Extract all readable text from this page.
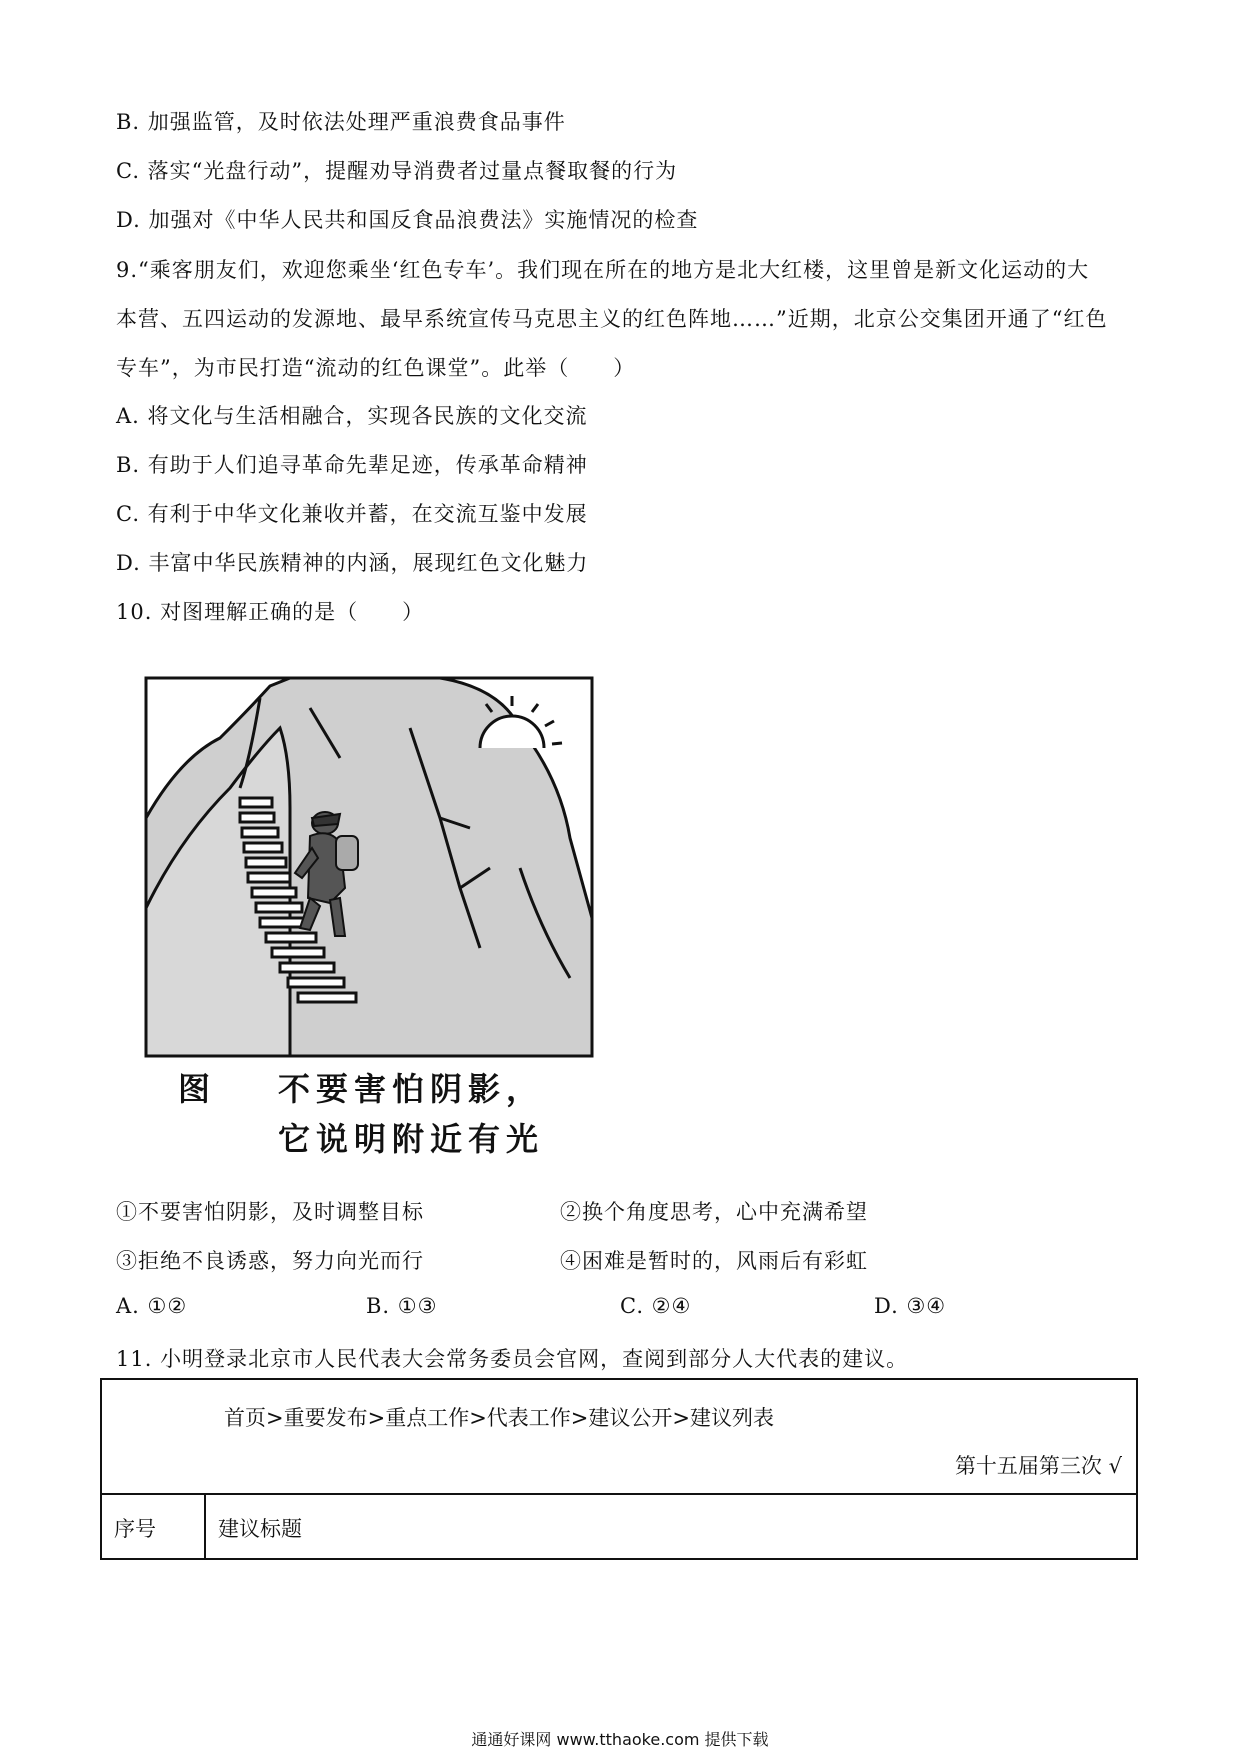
B. 加强监管，及时依法处理严重浪费食品事件
C. 落实“光盘行动”，提醒劝导消费者过量点餐取餐的行为
D. 加强对《中华人民共和国反食品浪费法》实施情况的检查
9.“乘客朋友们，欢迎您乘坐‘红色专车’。我们现在所在的地方是北大红楼，这里曾是新文化运动的大
本营、五四运动的发源地、最早系统宣传马克思主义的红色阵地……”近期，北京公交集团开通了“红色
专车”，为市民打造“流动的红色课堂”。此举（　　）
A. 将文化与生活相融合，实现各民族的文化交流
B. 有助于人们追寻革命先辈足迹，传承革命精神
C. 有利于中华文化兼收并蓄，在交流互鉴中发展
D. 丰富中华民族精神的内涵，展现红色文化魅力
10. 对图理解正确的是（　　）
图 不要害怕阴影，
它说明附近有光
①不要害怕阴影，及时调整目标	②换个角度思考，心中充满希望
③拒绝不良诱惑，努力向光而行	④困难是暂时的，风雨后有彩虹
A. ①②	B. ①③	C. ②④	D. ③④
11. 小明登录北京市人民代表大会常务委员会官网，查阅到部分人大代表的建议。
首页>重要发布>重点工作>代表工作>建议公开>建议列表
第十五届第三次 √
序号	建议标题
通通好课网 www.tthaoke.com 提供下载
